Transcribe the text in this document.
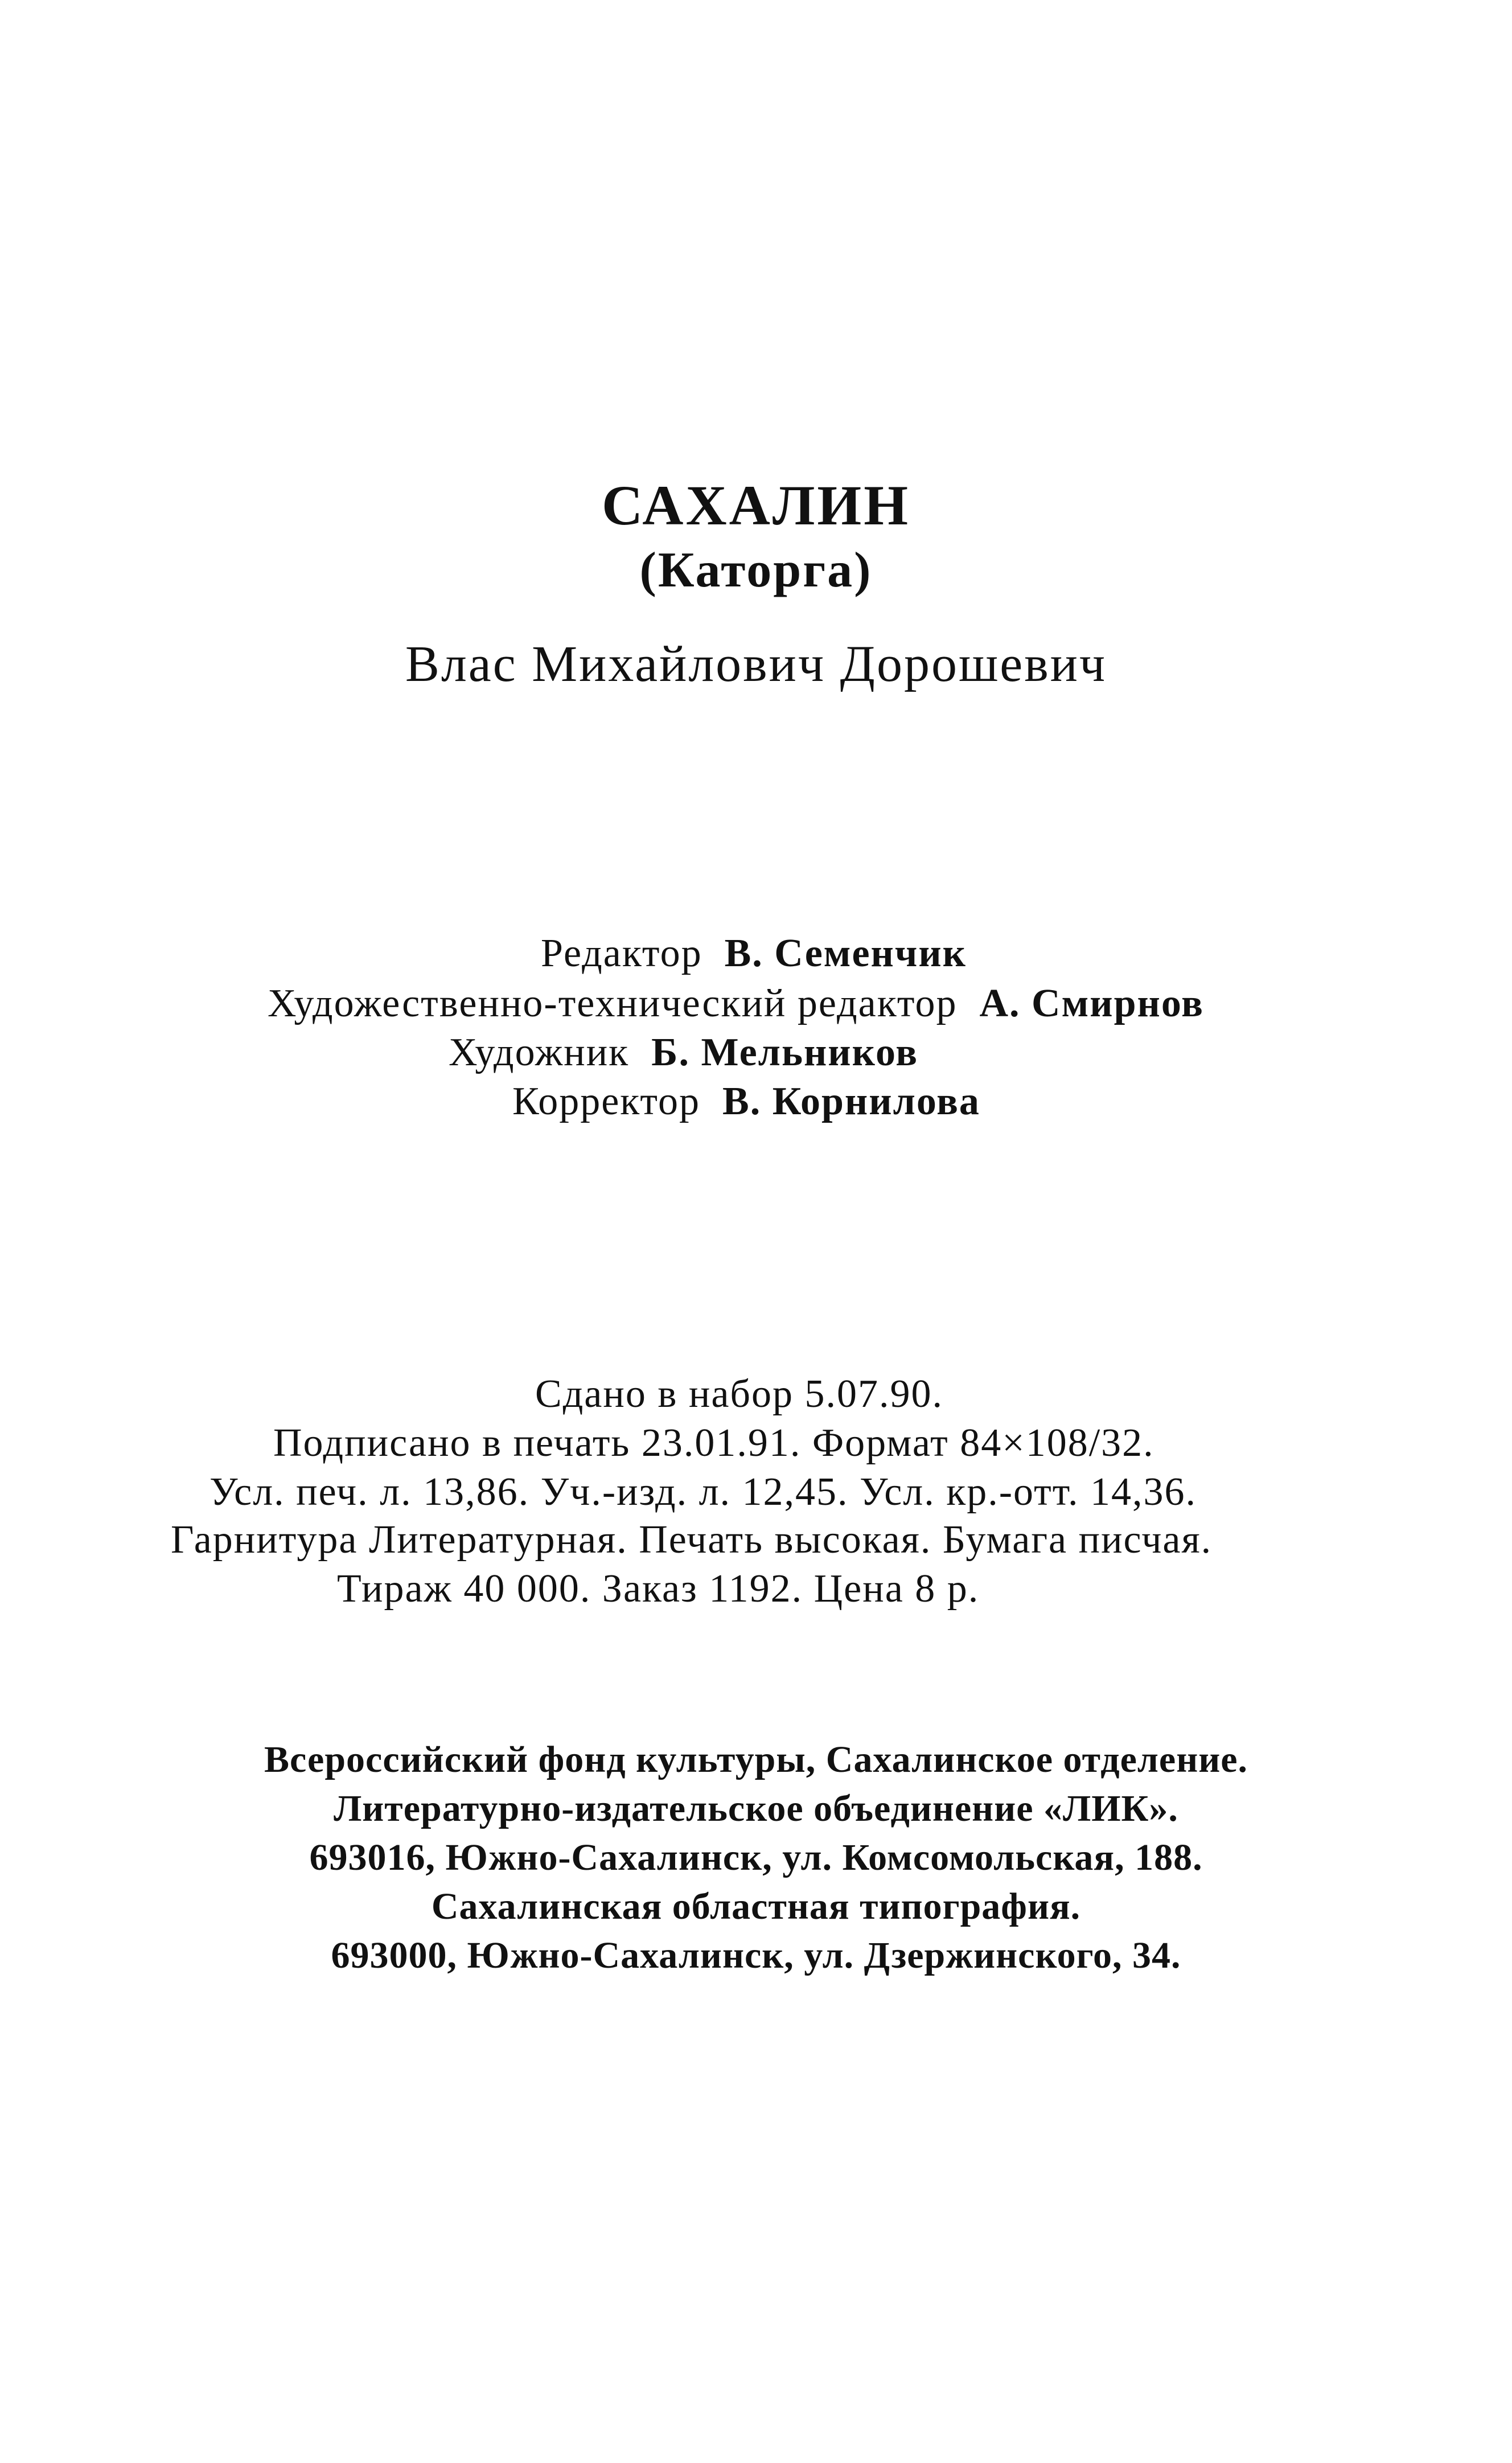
САХАЛИН
(Каторга)
Влас Михайлович Дорошевич
Редактор В. Семенчик
Художественно-технический редактор А. Смирнов
Художник Б. Мельников
Корректор В. Корнилова
Сдано в набор 5.07.90.
Подписано в печать 23.01.91. Формат 84×108/32.
Усл. печ. л. 13,86. Уч.-изд. л. 12,45. Усл. кр.-отт. 14,36.
Гарнитура Литературная. Печать высокая. Бумага писчая.
Тираж 40 000. Заказ 1192. Цена 8 р.
Всероссийский фонд культуры, Сахалинское отделение.
Литературно-издательское объединение «ЛИК».
693016, Южно-Сахалинск, ул. Комсомольская, 188.
Сахалинская областная типография.
693000, Южно-Сахалинск, ул. Дзержинского, 34.
